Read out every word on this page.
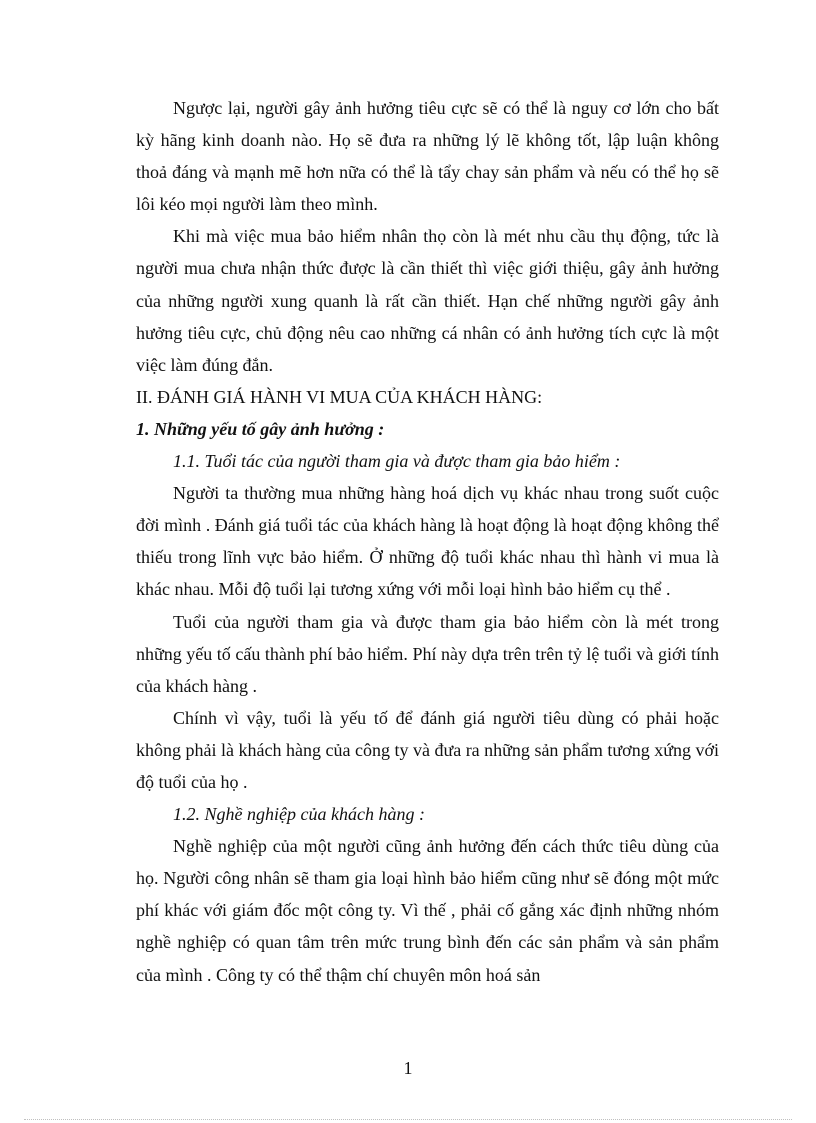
Ngược lại, người gây ảnh hưởng tiêu cực sẽ có thể là nguy cơ lớn cho bất kỳ hãng kinh doanh nào. Họ sẽ đưa ra những lý lẽ không tốt, lập luận không thoả đáng và mạnh mẽ hơn nữa có thể là tẩy chay sản phẩm và nếu có thể họ sẽ lôi kéo mọi người làm theo mình.

Khi mà việc mua bảo hiểm nhân thọ còn là mét nhu cầu thụ động, tức là người mua chưa nhận thức được là cần thiết thì việc giới thiệu, gây ảnh hưởng của những người xung quanh là rất cần thiết. Hạn chế những người gây ảnh hưởng tiêu cực, chủ động nêu cao những cá nhân có ảnh hưởng tích cực là một việc làm đúng đắn.

II. ĐÁNH GIÁ HÀNH VI MUA CỦA KHÁCH HÀNG:

1. Những yếu tố gây ảnh hưởng :

1.1. Tuổi tác của người tham gia và được tham gia bảo hiểm :

Người ta thường mua những hàng hoá dịch vụ khác nhau trong suốt cuộc đời mình . Đánh giá tuổi tác của khách hàng là hoạt động là hoạt động không thể thiếu trong lĩnh vực bảo hiểm. Ở những độ tuổi khác nhau thì hành vi mua là khác nhau. Mỗi độ tuổi lại tương xứng với mỗi loại hình bảo hiểm cụ thể .

Tuổi của người tham gia và được tham gia bảo hiểm còn là mét trong những yếu tố cấu thành phí bảo hiểm. Phí này dựa trên trên tỷ lệ tuổi và giới tính của khách hàng .

Chính vì vậy, tuổi là yếu tố để đánh giá người tiêu dùng có phải hoặc không phải là khách hàng của công ty và đưa ra những sản phẩm tương xứng với độ tuổi của họ .

1.2. Nghề nghiệp của khách hàng :

Nghề nghiệp của một người cũng ảnh hưởng đến cách thức tiêu dùng của họ. Người công nhân sẽ tham gia loại hình bảo hiểm cũng như sẽ đóng một mức phí khác với giám đốc một công ty. Vì thế , phải cố gắng xác định những nhóm nghề nghiệp có quan tâm trên mức trung bình đến các sản phẩm và sản phẩm của mình . Công ty có thể thậm chí chuyên môn hoá sản

1
